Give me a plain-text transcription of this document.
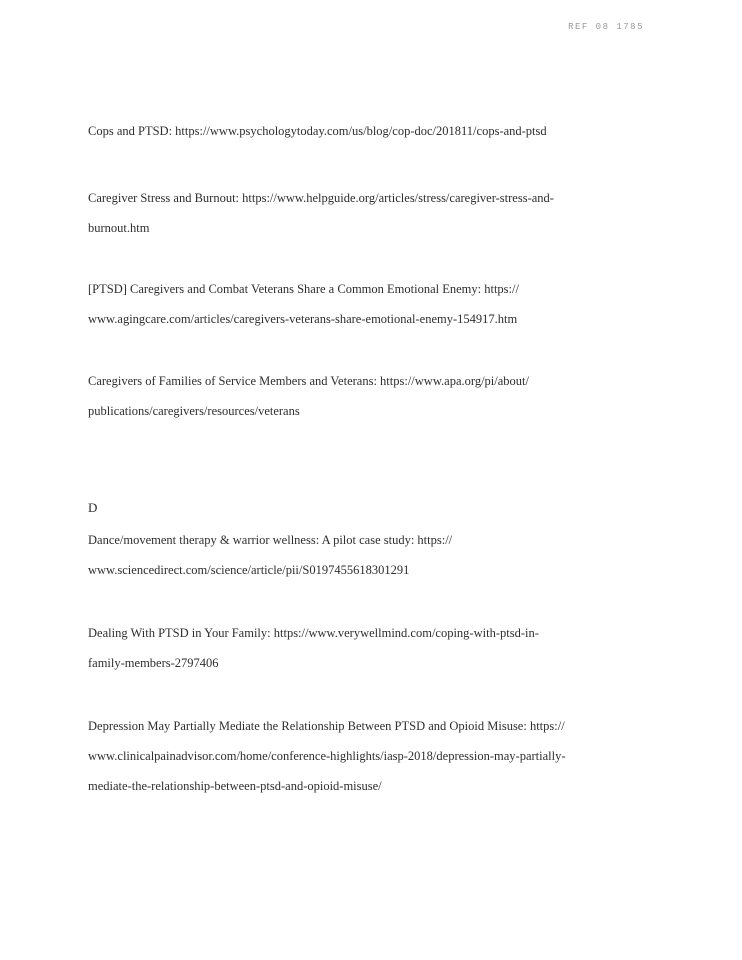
REF 08 1785
Cops and PTSD: https://www.psychologytoday.com/us/blog/cop-doc/201811/cops-and-ptsd
Caregiver Stress and Burnout: https://www.helpguide.org/articles/stress/caregiver-stress-and-
burnout.htm
[PTSD] Caregivers and Combat Veterans Share a Common Emotional Enemy: https://
www.agingcare.com/articles/caregivers-veterans-share-emotional-enemy-154917.htm
Caregivers of Families of Service Members and Veterans: https://www.apa.org/pi/about/
publications/caregivers/resources/veterans
D
Dance/movement therapy & warrior wellness: A pilot case study: https://
www.sciencedirect.com/science/article/pii/S0197455618301291
Dealing With PTSD in Your Family: https://www.verywellmind.com/coping-with-ptsd-in-
family-members-2797406
Depression May Partially Mediate the Relationship Between PTSD and Opioid Misuse: https://
www.clinicalpainadvisor.com/home/conference-highlights/iasp-2018/depression-may-partially-
mediate-the-relationship-between-ptsd-and-opioid-misuse/
